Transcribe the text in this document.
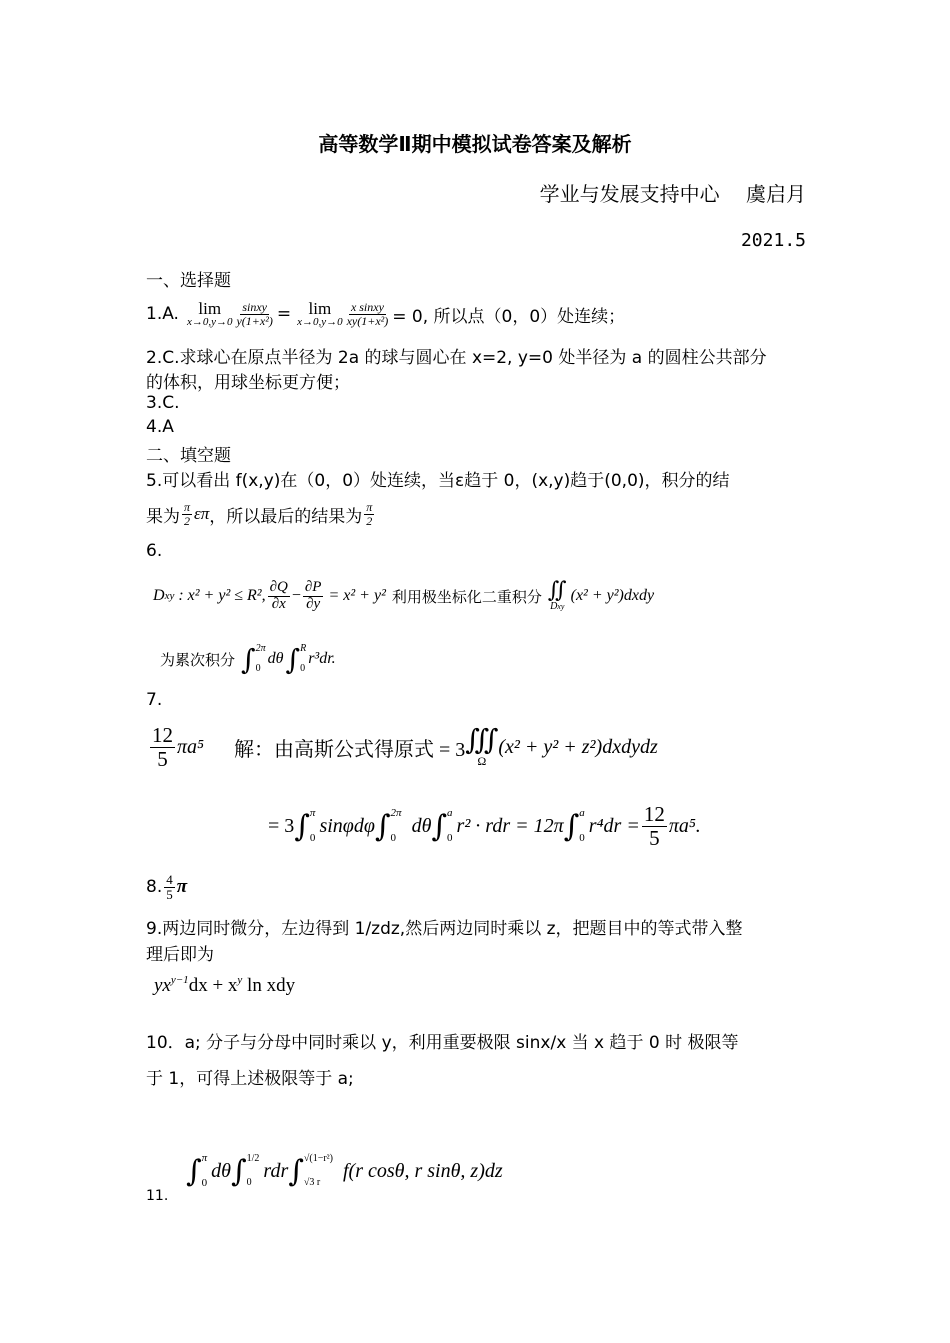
高等数学Ⅱ期中模拟试卷答案及解析
学业与发展支持中心　 虞启月
2021.5
一、选择题
1.A. lim
$x\to 0,y\to 0 \frac{\text{sinxy}}{\text{y(1+x²)}} = \lim$
$x\to 0,y\to 0 \frac{\text{x sinxy}}{\text{xy(1+x²)}} = 0$, 所以点（0，0）处连续；
2.C.求球心在原点半径为 2a 的球与圆心在 x=2, y=0 处半径为 a 的圆柱公共部分
的体积，用球坐标更方便；
3.C.
4.A
二、填空题
5.可以看出 f(x,y)在（0，0）处连续，当ε趋于 0，(x,y)趋于(0,0)，积分的结
果为 $\frac{\pi}{2}$ επ ，所以最后的结果为 $\frac{\pi}{2}$
6.
D xy : x² + y² ≤ R², $\frac{\partial Q}{\partial x} - \frac{\partial P}{\partial y} = x^2 + y^2$ 利用极坐标化二重积分 ∬
Dxy
(x² + y²)dxdy
为累次积分 ∫ 2π
0
dθ ∫ R
0
r³dr.
7.
$\frac{12}{5} \pi a^5$ 解：由高斯公式得原式 = 3 ∭
Ω
(x² + y² + z²)dxdydz
= 3 ∫ π
0
sinφdφ ∫ 2π
0
dθ ∫ a
0
r² · rdr = 12π ∫ a
0
$r^4dr = \frac{12}{5} \pi a^5$.
8. $\frac{4}{5}$ π
9.两边同时微分，左边得到 1/zdz,然后两边同时乘以 z，把题目中的等式带入整
理后即为
$yx^{y-1}dx + x^y$ ln xdy
10．a; 分子与分母中同时乘以 y，利用重要极限 sinx/x 当 x 趋于 0 时 极限等
于 1，可得上述极限等于 a;
∫ π
0
dθ ∫ 1/2
0
rdr ∫ √(1−r²)
√3 r
f(r cosθ, r sinθ, z)dz
11.
